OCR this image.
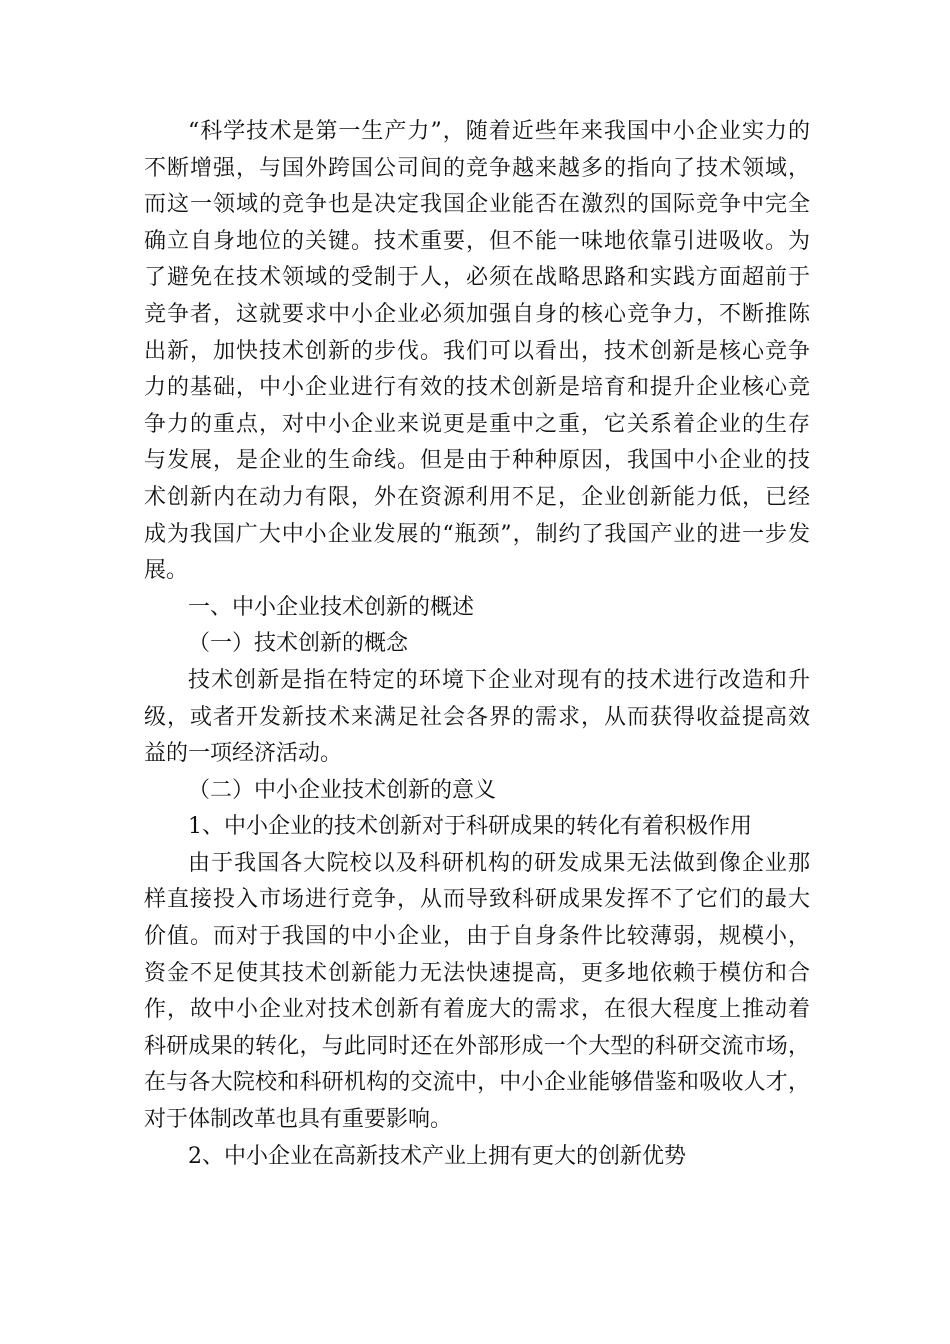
“科学技术是第一生产力”，随着近些年来我国中小企业实力的
不断增强，与国外跨国公司间的竞争越来越多的指向了技术领域，
而这一领域的竞争也是决定我国企业能否在激烈的国际竞争中完全
确立自身地位的关键。技术重要，但不能一味地依靠引进吸收。为
了避免在技术领域的受制于人，必须在战略思路和实践方面超前于
竞争者，这就要求中小企业必须加强自身的核心竞争力，不断推陈
出新，加快技术创新的步伐。我们可以看出，技术创新是核心竞争
力的基础，中小企业进行有效的技术创新是培育和提升企业核心竞
争力的重点，对中小企业来说更是重中之重，它关系着企业的生存
与发展，是企业的生命线。但是由于种种原因，我国中小企业的技
术创新内在动力有限，外在资源利用不足，企业创新能力低，已经
成为我国广大中小企业发展的“瓶颈”，制约了我国产业的进一步发
展。
一、中小企业技术创新的概述
（一）技术创新的概念
技术创新是指在特定的环境下企业对现有的技术进行改造和升
级，或者开发新技术来满足社会各界的需求，从而获得收益提高效
益的一项经济活动。
（二）中小企业技术创新的意义
1、中小企业的技术创新对于科研成果的转化有着积极作用
由于我国各大院校以及科研机构的研发成果无法做到像企业那
样直接投入市场进行竞争，从而导致科研成果发挥不了它们的最大
价值。而对于我国的中小企业，由于自身条件比较薄弱，规模小，
资金不足使其技术创新能力无法快速提高，更多地依赖于模仿和合
作，故中小企业对技术创新有着庞大的需求，在很大程度上推动着
科研成果的转化，与此同时还在外部形成一个大型的科研交流市场，
在与各大院校和科研机构的交流中，中小企业能够借鉴和吸收人才，
对于体制改革也具有重要影响。
2、中小企业在高新技术产业上拥有更大的创新优势
